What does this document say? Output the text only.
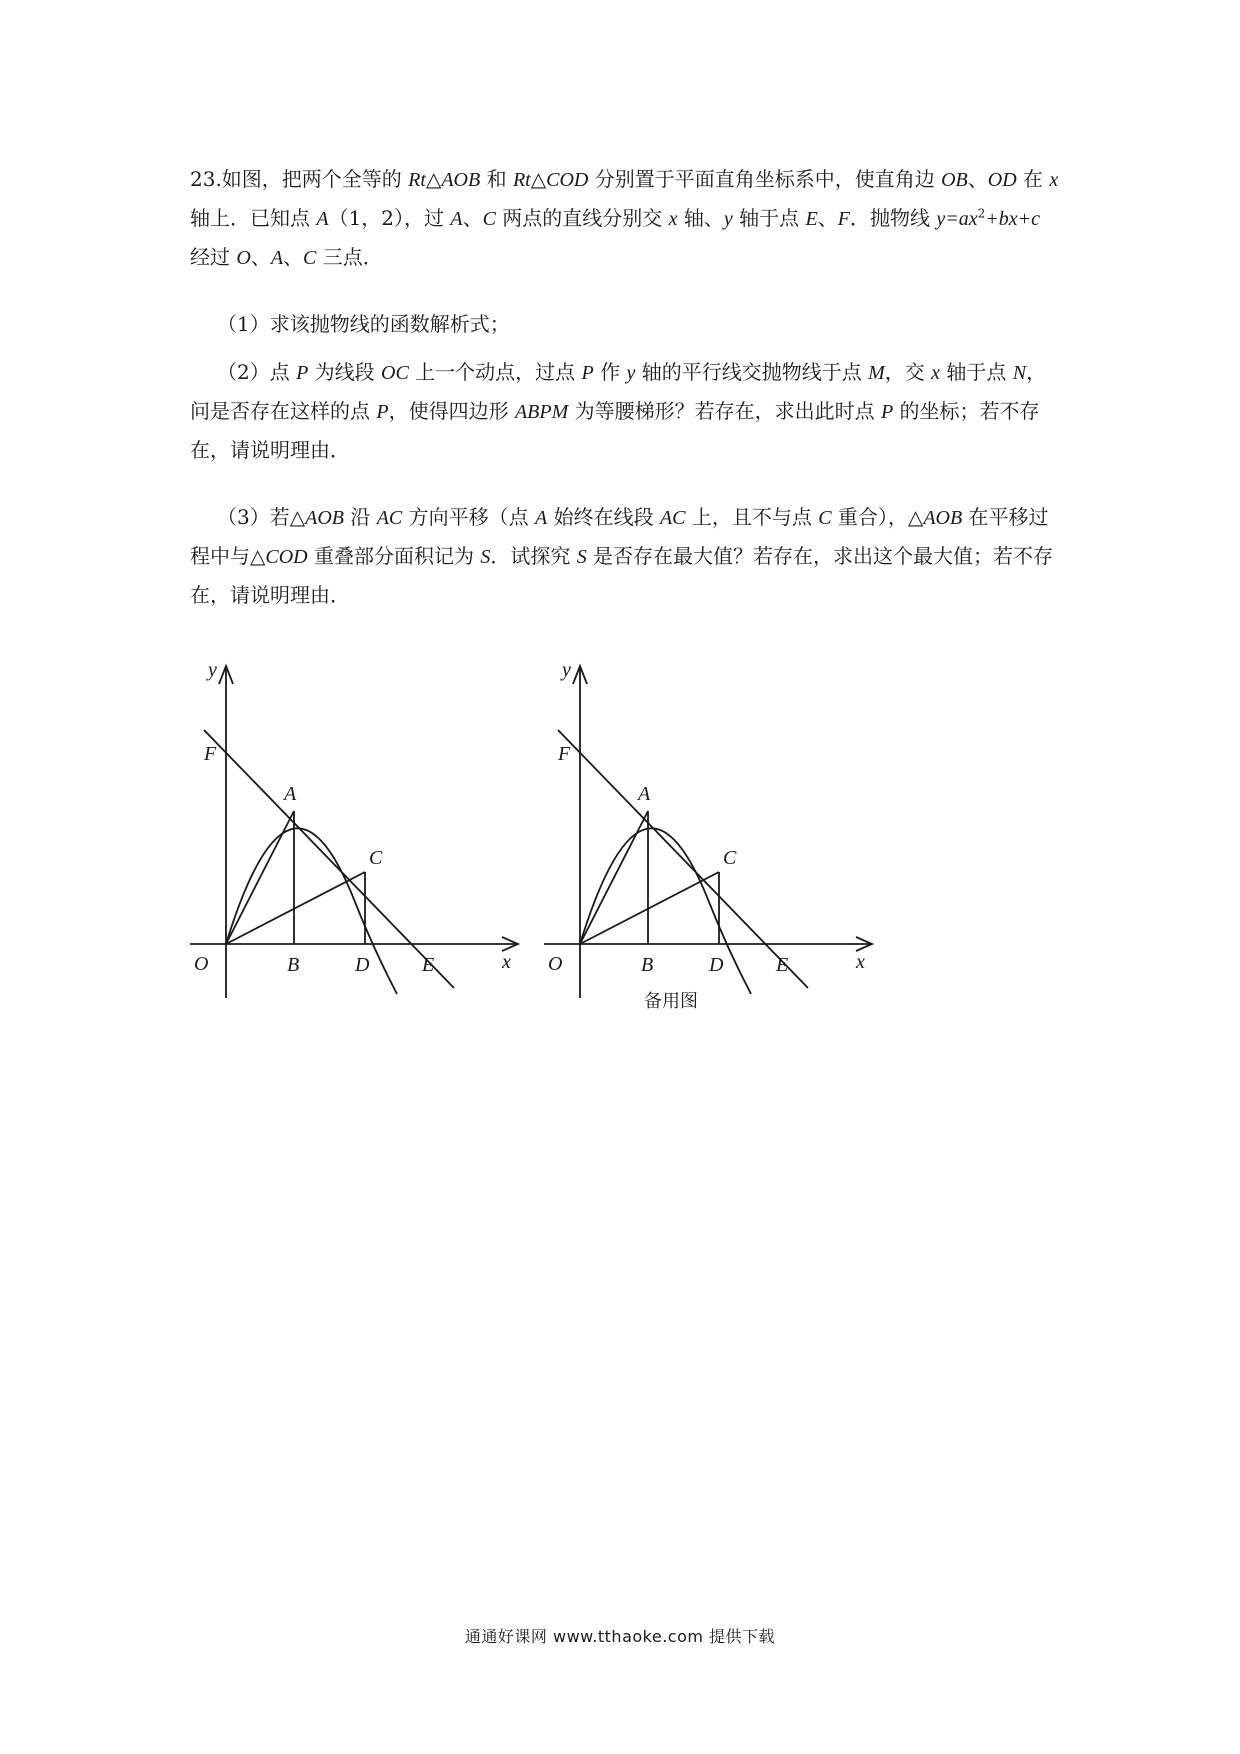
23.如图，把两个全等的 Rt△AOB 和 Rt△COD 分别置于平面直角坐标系中，使直角边 OB、OD 在 x 轴上．已知点 A（1，2），过 A、C 两点的直线分别交 x 轴、y 轴于点 E、F．抛物线 $y=ax^2+bx+c$ 经过 O、A、C 三点．

（1）求该抛物线的函数解析式；

（2）点 P 为线段 OC 上一个动点，过点 P 作 y 轴的平行线交抛物线于点 M，交 x 轴于点 N，问是否存在这样的点 P，使得四边形 ABPM 为等腰梯形？若存在，求出此时点 P 的坐标；若不存在，请说明理由．

（3）若△AOB 沿 AC 方向平移（点 A 始终在线段 AC 上，且不与点 C 重合），△AOB 在平移过程中与△COD 重叠部分面积记为 S．试探究 S 是否存在最大值？若存在，求出这个最大值；若不存在，请说明理由．

y
F
A
C
O	B	D	E	x
y
F
A
C
O	B	D	E	x
备用图
通通好课网 www.tthaoke.com 提供下载
